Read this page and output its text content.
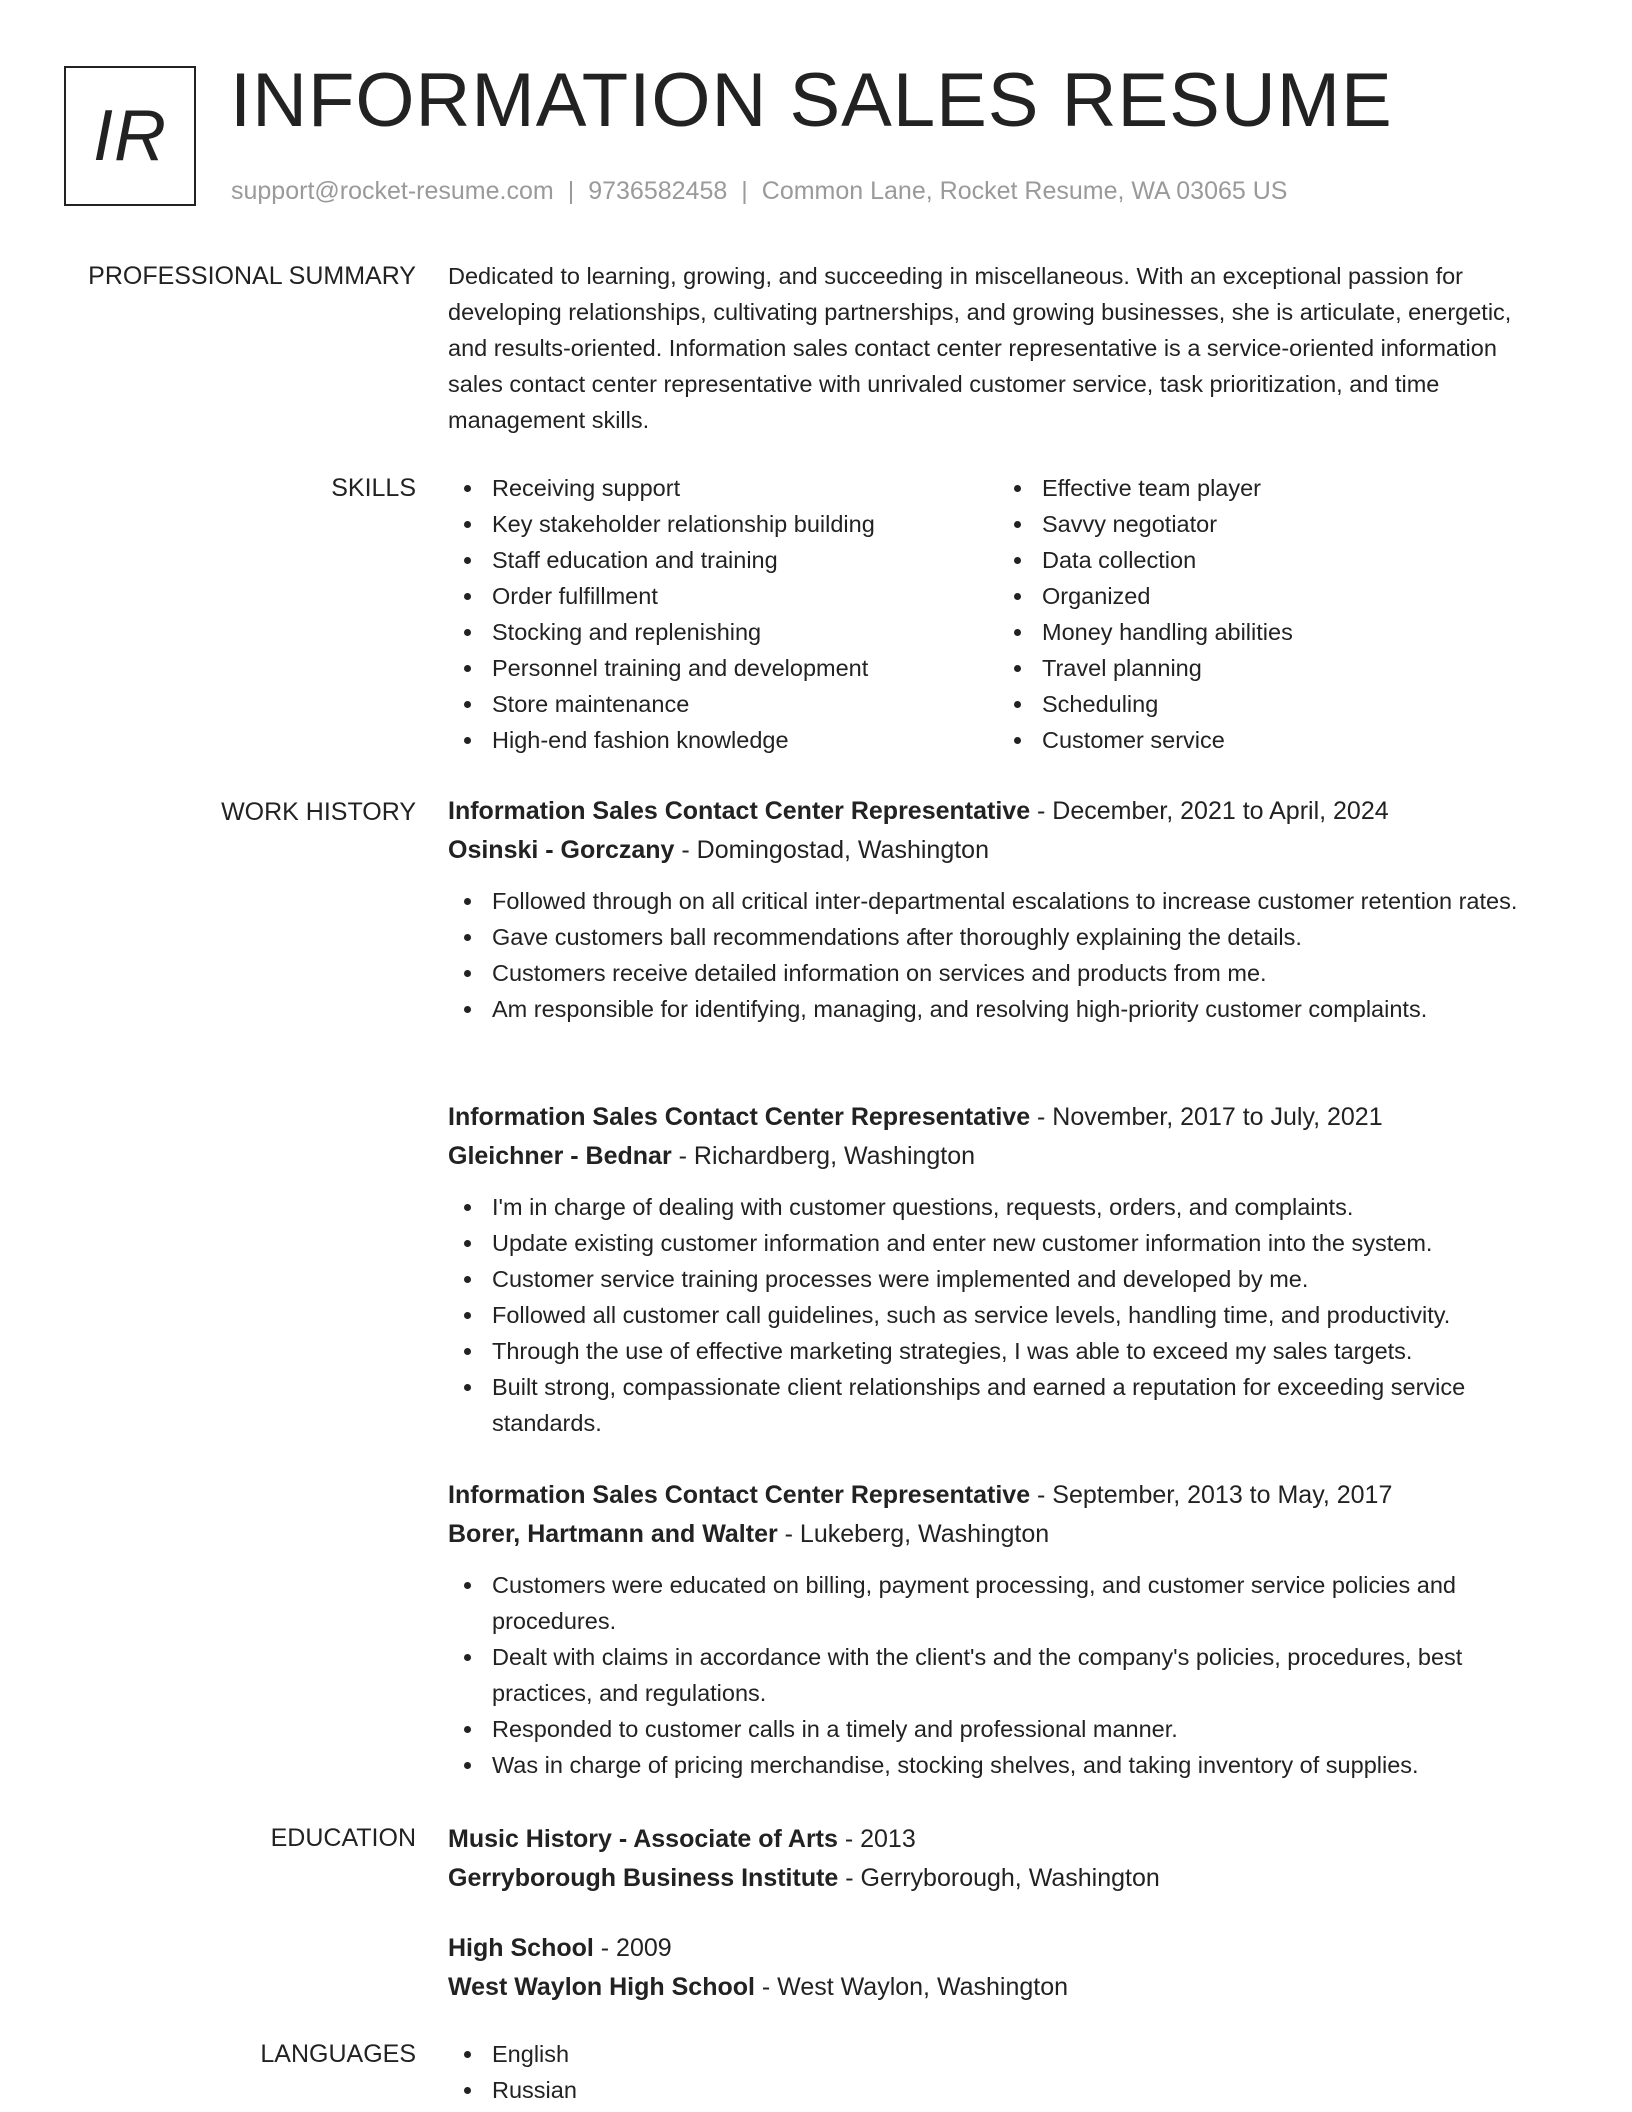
IR INFORMATION SALES RESUME
support@rocket-resume.com | 9736582458 | Common Lane, Rocket Resume, WA 03065 US
PROFESSIONAL SUMMARY Dedicated to learning, growing, and succeeding in miscellaneous. With an exceptional passion for developing relationships, cultivating partnerships, and growing businesses, she is articulate, energetic, and results-oriented. Information sales contact center representative is a service-oriented information sales contact center representative with unrivaled customer service, task prioritization, and time management skills.

SKILLS	Receiving support
Key stakeholder relationship building
Staff education and training
Order fulfillment
Stocking and replenishing
Personnel training and development
Store maintenance
High-end fashion knowledge
Effective team player
Savvy negotiator
Data collection
Organized
Money handling abilities
Travel planning
Scheduling
Customer service
WORK HISTORY Information Sales Contact Center Representative - December, 2021 to April, 2024
Osinski - Gorczany - Domingostad, Washington
Followed through on all critical inter-departmental escalations to increase customer retention rates.
Gave customers ball recommendations after thoroughly explaining the details.
Customers receive detailed information on services and products from me.
Am responsible for identifying, managing, and resolving high-priority customer complaints.
Information Sales Contact Center Representative - November, 2017 to July, 2021
Gleichner - Bednar - Richardberg, Washington
I'm in charge of dealing with customer questions, requests, orders, and complaints.
Update existing customer information and enter new customer information into the system.
Customer service training processes were implemented and developed by me.
Followed all customer call guidelines, such as service levels, handling time, and productivity.
Through the use of effective marketing strategies, I was able to exceed my sales targets.
Built strong, compassionate client relationships and earned a reputation for exceeding service standards.
Information Sales Contact Center Representative - September, 2013 to May, 2017
Borer, Hartmann and Walter - Lukeberg, Washington
Customers were educated on billing, payment processing, and customer service policies and procedures.
Dealt with claims in accordance with the client's and the company's policies, procedures, best practices, and regulations.
Responded to customer calls in a timely and professional manner.
Was in charge of pricing merchandise, stocking shelves, and taking inventory of supplies.
EDUCATION Music History - Associate of Arts - 2013
Gerryborough Business Institute - Gerryborough, Washington
High School - 2009
West Waylon High School - West Waylon, Washington
LANGUAGES	English
Russian
